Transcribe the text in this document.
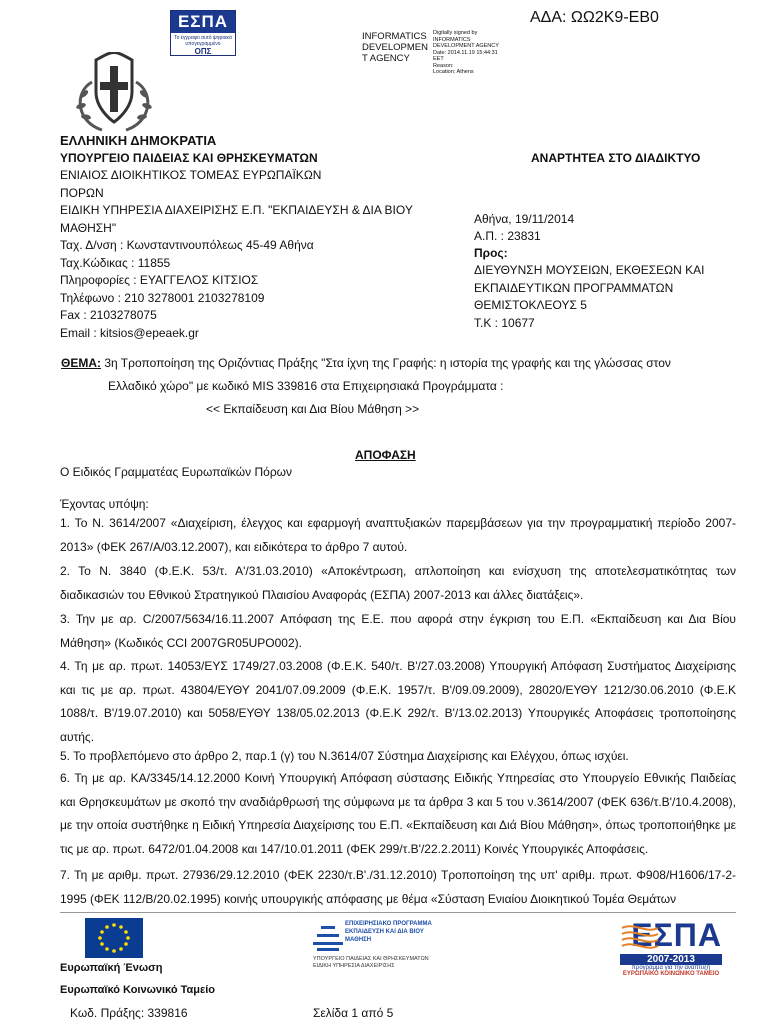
ΕΣΠΑ
Το έγγραφο αυτό ψηφιακά υπογεγραμμένο
ΟΠΣ
INFORMATICS
DEVELOPMEN
T AGENCY
Digitally signed by
INFORMATICS
DEVELOPMENT AGENCY
Date: 2014.11.19 15:44:31
EET
Reason:
Location: Athens
ΑΔΑ: ΩΩ2Κ9-ΕΒ0
ΕΛΛΗΝΙΚΗ ΔΗΜΟΚΡΑΤΙΑ
ΥΠΟΥΡΓΕΙΟ ΠΑΙΔΕΙΑΣ ΚΑΙ ΘΡΗΣΚΕΥΜΑΤΩΝ
ΕΝΙΑΙΟΣ ΔΙΟΙΚΗΤΙΚΟΣ ΤΟΜΕΑΣ ΕΥΡΩΠΑΪΚΩΝ
ΠΟΡΩΝ
ΕΙΔΙΚΗ ΥΠΗΡΕΣΙΑ ΔΙΑΧΕΙΡΙΣΗΣ Ε.Π. "ΕΚΠΑΙΔΕΥΣΗ & ΔΙΑ ΒΙΟΥ
ΜΑΘΗΣΗ"
Ταχ. Δ/νση : Κωνσταντινουπόλεως 45-49 Αθήνα
Ταχ.Κώδικας : 11855
Πληροφορίες : ΕΥΑΓΓΕΛΟΣ ΚΙΤΣΙΟΣ
Τηλέφωνο : 210 3278001 2103278109
Fax : 2103278075
Email : kitsios@epeaek.gr
ΑΝΑΡΤΗΤΕΑ ΣΤΟ ΔΙΑΔΙΚΤΥΟ
Αθήνα, 19/11/2014
Α.Π. : 23831
Προς:
ΔΙΕΥΘΥΝΣΗ ΜΟΥΣΕΙΩΝ, ΕΚΘΕΣΕΩΝ ΚΑΙ
ΕΚΠΑΙΔΕΥΤΙΚΩΝ ΠΡΟΓΡΑΜΜΑΤΩΝ
ΘΕΜΙΣΤΟΚΛΕΟΥΣ 5
Τ.Κ : 10677
ΘΕΜΑ: 3η Τροποποίηση της Οριζόντιας Πράξης "Στα ίχνη της Γραφής: η ιστορία της γραφής και της γλώσσας στον
Ελλαδικό χώρο" με κωδικό MIS 339816 στα Επιχειρησιακά Προγράμματα :
<< Εκπαίδευση και Δια Βίου Μάθηση >>
ΑΠΟΦΑΣΗ
Ο Ειδικός Γραμματέας Ευρωπαϊκών Πόρων
Έχοντας υπόψη:
1. Το Ν. 3614/2007 «Διαχείριση, έλεγχος και εφαρμογή αναπτυξιακών παρεμβάσεων για την προγραμματική περίοδο 2007-2013» (ΦΕΚ 267/Α/03.12.2007), και ειδικότερα το άρθρο 7 αυτού.
2. Το Ν. 3840 (Φ.Ε.Κ. 53/τ. Α'/31.03.2010) «Αποκέντρωση, απλοποίηση και ενίσχυση της αποτελεσματικότητας των διαδικασιών του Εθνικού Στρατηγικού Πλαισίου Αναφοράς (ΕΣΠΑ) 2007-2013 και άλλες διατάξεις».
3. Την με αρ. C/2007/5634/16.11.2007 Απόφαση της Ε.Ε. που αφορά στην έγκριση του Ε.Π. «Εκπαίδευση και Δια Βίου Μάθηση» (Κωδικός CCI 2007GR05UPO002).
4. Τη με αρ. πρωτ. 14053/ΕΥΣ 1749/27.03.2008 (Φ.Ε.Κ. 540/τ. Β'/27.03.2008) Υπουργική Απόφαση Συστήματος Διαχείρισης και τις με αρ. πρωτ. 43804/ΕΥΘΥ 2041/07.09.2009 (Φ.Ε.Κ. 1957/τ. Β'/09.09.2009), 28020/ΕΥΘΥ 1212/30.06.2010 (Φ.Ε.Κ 1088/τ. Β'/19.07.2010) και 5058/ΕΥΘΥ 138/05.02.2013 (Φ.Ε.Κ 292/τ. Β'/13.02.2013) Υπουργικές Αποφάσεις τροποποίησης αυτής.
5. Το προβλεπόμενο στο άρθρο 2, παρ.1 (γ) του Ν.3614/07 Σύστημα Διαχείρισης και Ελέγχου, όπως ισχύει.
6. Τη με αρ. ΚΑ/3345/14.12.2000 Κοινή Υπουργική Απόφαση σύστασης Ειδικής Υπηρεσίας στο Υπουργείο Εθνικής Παιδείας και Θρησκευμάτων με σκοπό την αναδιάρθρωσή της σύμφωνα με τα άρθρα 3 και 5 του ν.3614/2007 (ΦΕΚ 636/τ.Β'/10.4.2008), με την οποία συστήθηκε η Ειδική Υπηρεσία Διαχείρισης του Ε.Π. «Εκπαίδευση και Διά Βίου Μάθηση», όπως τροποποιήθηκε με τις με αρ. πρωτ. 6472/01.04.2008 και 147/10.01.2011 (ΦΕΚ 299/τ.Β'/22.2.2011) Κοινές Υπουργικές Αποφάσεις.
7. Τη με αριθμ. πρωτ. 27936/29.12.2010 (ΦΕΚ 2230/τ.Β'./31.12.2010) Τροποποίηση της υπ' αριθμ. πρωτ. Φ908/Η1606/17-2-1995 (ΦΕΚ 112/Β/20.02.1995) κοινής υπουργικής απόφασης με θέμα «Σύσταση Ενιαίου Διοικητικού Τομέα Θεμάτων
Ευρωπαϊκή Ένωση
Ευρωπαϊκό Κοινωνικό Ταμείο
Κωδ. Πράξης: 339816
ΕΠΙΧΕΙΡΗΣΙΑΚΟ ΠΡΟΓΡΑΜΜΑ ΕΚΠΑΙΔΕΥΣΗ ΚΑΙ ΔΙΑ ΒΙΟΥ ΜΑΘΗΣΗ
ΥΠΟΥΡΓΕΙΟ ΠΑΙΔΕΙΑΣ ΚΑΙ ΘΡΗΣΚΕΥΜΑΤΩΝ ΕΙΔΙΚΗ ΥΠΗΡΕΣΙΑ ΔΙΑΧΕΙΡΙΣΗΣ
Σελίδα 1 από 5
ΕΣΠΑ
2007-2013
πρόγραμμα για την ανάπτυξη
ΕΥΡΩΠΑΪΚΟ ΚΟΙΝΩΝΙΚΟ ΤΑΜΕΙΟ
